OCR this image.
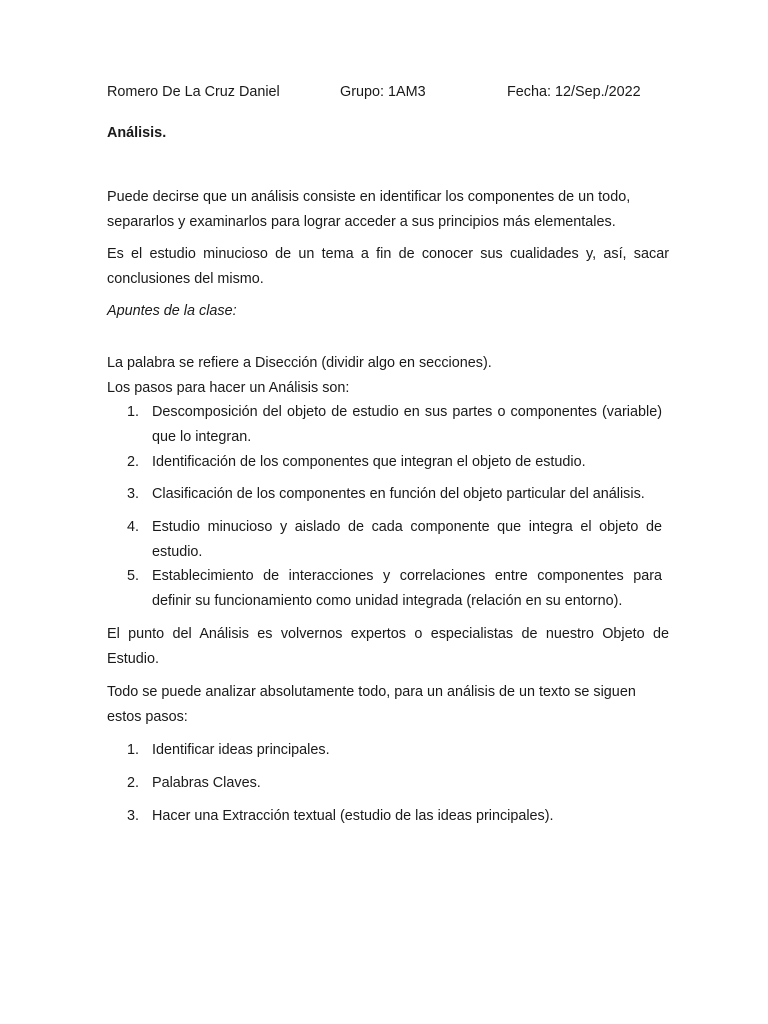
Romero De La Cruz Daniel	Grupo: 1AM3	Fecha: 12/Sep./2022
Análisis.

Puede decirse que un análisis consiste en identificar los componentes de un todo, separarlos y examinarlos para lograr acceder a sus principios más elementales.

Es el estudio minucioso de un tema a fin de conocer sus cualidades y, así, sacar conclusiones del mismo.

Apuntes de la clase:

La palabra se refiere a Disección (dividir algo en secciones).

Los pasos para hacer un Análisis son:

1. Descomposición del objeto de estudio en sus partes o componentes (variable) que lo integran.
2. Identificación de los componentes que integran el objeto de estudio.
3. Clasificación de los componentes en función del objeto particular del análisis.
4. Estudio minucioso y aislado de cada componente que integra el objeto de estudio.
5. Establecimiento de interacciones y correlaciones entre componentes para definir su funcionamiento como unidad integrada (relación en su entorno).

El punto del Análisis es volvernos expertos o especialistas de nuestro Objeto de Estudio.

Todo se puede analizar absolutamente todo, para un análisis de un texto se siguen estos pasos:

1. Identificar ideas principales.
2. Palabras Claves.
3. Hacer una Extracción textual (estudio de las ideas principales).
